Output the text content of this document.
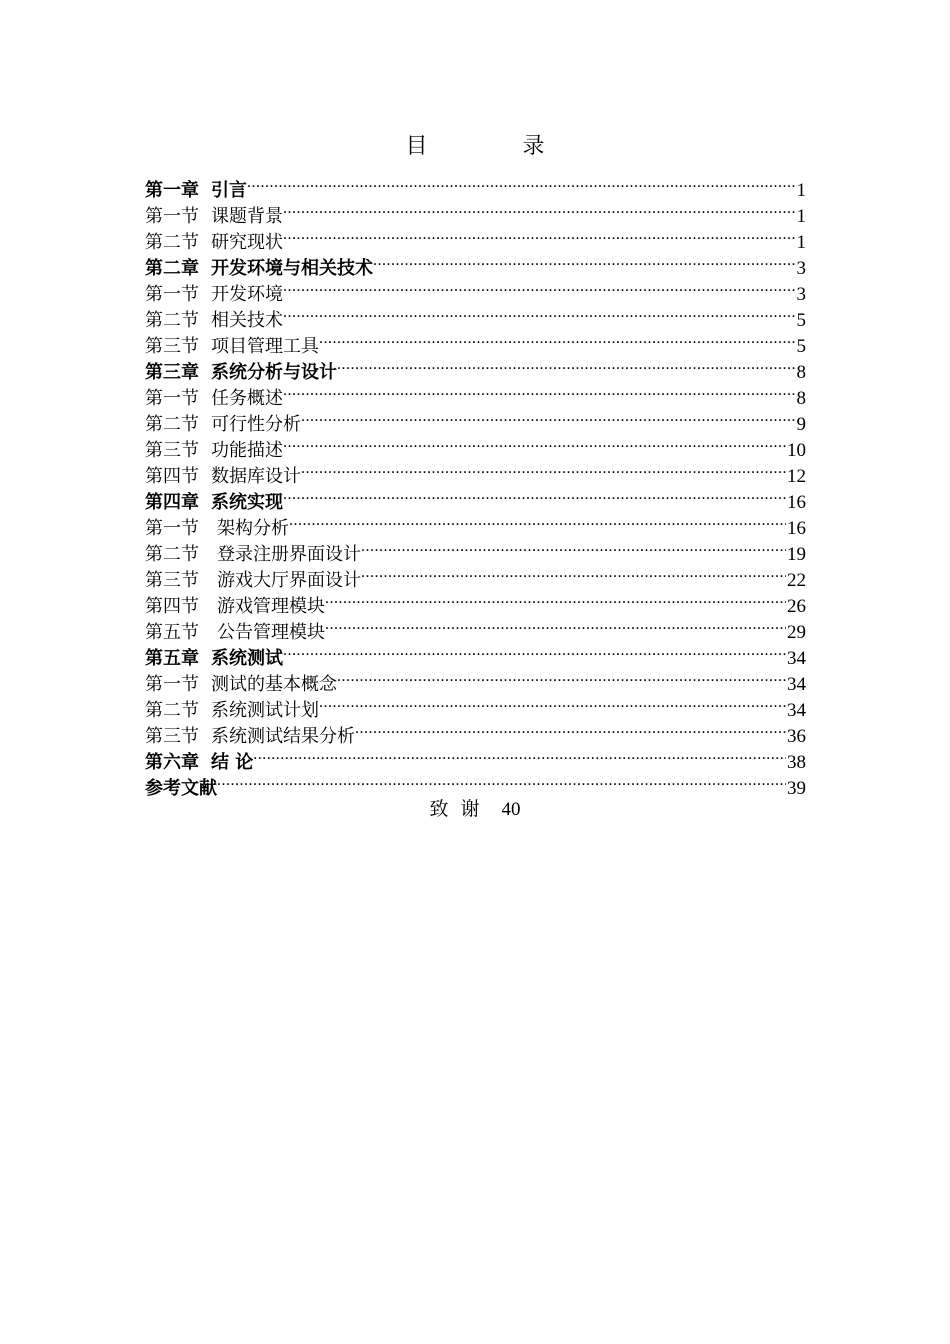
目 录
第一章 引言 .....	1
第一节 课题背景 .....	1
第二节 研究现状 .....	1
第二章 开发环境与相关技术 .....	3
第一节 开发环境 .....	3
第二节 相关技术 .....	5
第三节 项目管理工具 .....	5
第三章 系统分析与设计 .....	8
第一节 任务概述 .....	8
第二节 可行性分析 .....	9
第三节 功能描述 .....	10
第四节 数据库设计 .....	12
第四章 系统实现 .....	16
第一节 架构分析 .....	16
第二节 登录注册界面设计 .....	19
第三节 游戏大厅界面设计 .....	22
第四节 游戏管理模块 .....	26
第五节 公告管理模块 .....	29
第五章 系统测试 .....	34
第一节 测试的基本概念 .....	34
第二节 系统测试计划 .....	34
第三节 系统测试结果分析 .....	36
第六章 结 论 .....	38
参考文献 .....	39
致谢 40
